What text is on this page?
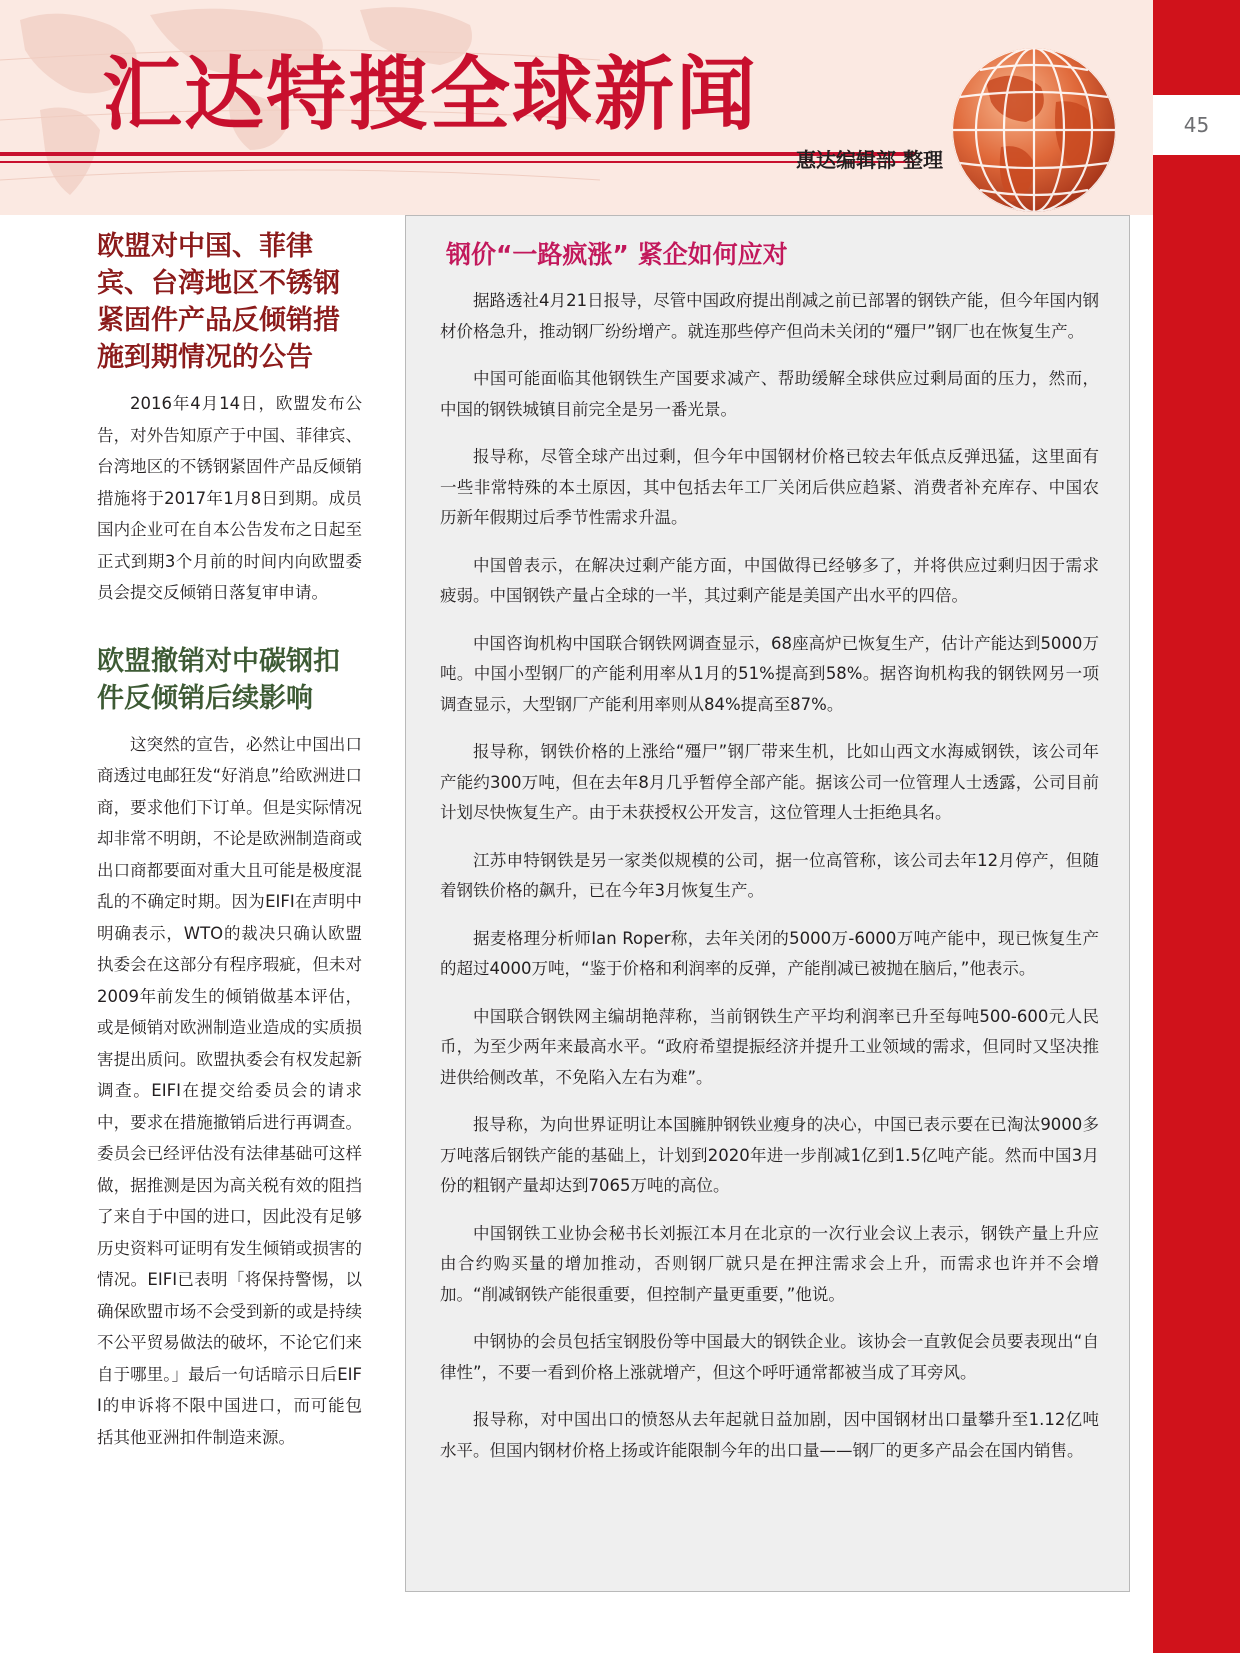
汇达特搜全球新闻
惠达编辑部 整理
45
欧盟对中国、菲律宾、台湾地区不锈钢紧固件产品反倾销措施到期情况的公告

2016年4月14日，欧盟发布公告，对外告知原产于中国、菲律宾、台湾地区的不锈钢紧固件产品反倾销措施将于2017年1月8日到期。成员国内企业可在自本公告发布之日起至正式到期3个月前的时间内向欧盟委员会提交反倾销日落复审申请。

欧盟撤销对中碳钢扣件反倾销后续影响

这突然的宣告，必然让中国出口商透过电邮狂发“好消息”给欧洲进口商，要求他们下订单。但是实际情况却非常不明朗，不论是欧洲制造商或出口商都要面对重大且可能是极度混乱的不确定时期。因为EIFI在声明中明确表示，WTO的裁决只确认欧盟执委会在这部分有程序瑕疵，但未对2009年前发生的倾销做基本评估，或是倾销对欧洲制造业造成的实质损害提出质问。欧盟执委会有权发起新调查。EIFI在提交给委员会的请求中，要求在措施撤销后进行再调查。委员会已经评估没有法律基础可这样做，据推测是因为高关税有效的阻挡了来自于中国的进口，因此没有足够历史资料可证明有发生倾销或损害的情况。EIFI已表明「将保持警惕，以确保欧盟市场不会受到新的或是持续不公平贸易做法的破坏，不论它们来自于哪里。」最后一句话暗示日后EIFI的申诉将不限中国进口，而可能包括其他亚洲扣件制造来源。

钢价“一路疯涨” 紧企如何应对

据路透社4月21日报导，尽管中国政府提出削减之前已部署的钢铁产能，但今年国内钢材价格急升，推动钢厂纷纷增产。就连那些停产但尚未关闭的“殭尸”钢厂也在恢复生产。

中国可能面临其他钢铁生产国要求减产、帮助缓解全球供应过剩局面的压力，然而，中国的钢铁城镇目前完全是另一番光景。

报导称，尽管全球产出过剩，但今年中国钢材价格已较去年低点反弹迅猛，这里面有一些非常特殊的本土原因，其中包括去年工厂关闭后供应趋紧、消费者补充库存、中国农历新年假期过后季节性需求升温。

中国曾表示，在解决过剩产能方面，中国做得已经够多了，并将供应过剩归因于需求疲弱。中国钢铁产量占全球的一半，其过剩产能是美国产出水平的四倍。

中国咨询机构中国联合钢铁网调查显示，68座高炉已恢复生产，估计产能达到5000万吨。中国小型钢厂的产能利用率从1月的51%提高到58%。据咨询机构我的钢铁网另一项调查显示，大型钢厂产能利用率则从84%提高至87%。

报导称，钢铁价格的上涨给“殭尸”钢厂带来生机，比如山西文水海威钢铁，该公司年产能约300万吨，但在去年8月几乎暂停全部产能。据该公司一位管理人士透露，公司目前计划尽快恢复生产。由于未获授权公开发言，这位管理人士拒绝具名。

江苏申特钢铁是另一家类似规模的公司，据一位高管称，该公司去年12月停产，但随着钢铁价格的飙升，已在今年3月恢复生产。

据麦格理分析师Ian Roper称，去年关闭的5000万-6000万吨产能中，现已恢复生产的超过4000万吨，“鉴于价格和利润率的反弹，产能削减已被抛在脑后，”他表示。

中国联合钢铁网主编胡艳萍称，当前钢铁生产平均利润率已升至每吨500-600元人民币，为至少两年来最高水平。“政府希望提振经济并提升工业领域的需求，但同时又坚决推进供给侧改革，不免陷入左右为难”。

报导称，为向世界证明让本国臃肿钢铁业瘦身的决心，中国已表示要在已淘汰9000多万吨落后钢铁产能的基础上，计划到2020年进一步削减1亿到1.5亿吨产能。然而中国3月份的粗钢产量却达到7065万吨的高位。

中国钢铁工业协会秘书长刘振江本月在北京的一次行业会议上表示，钢铁产量上升应由合约购买量的增加推动，否则钢厂就只是在押注需求会上升，而需求也许并不会增加。“削减钢铁产能很重要，但控制产量更重要，”他说。

中钢协的会员包括宝钢股份等中国最大的钢铁企业。该协会一直敦促会员要表现出“自律性”，不要一看到价格上涨就增产，但这个呼吁通常都被当成了耳旁风。

报导称，对中国出口的愤怒从去年起就日益加剧，因中国钢材出口量攀升至1.12亿吨水平。但国内钢材价格上扬或许能限制今年的出口量——钢厂的更多产品会在国内销售。
